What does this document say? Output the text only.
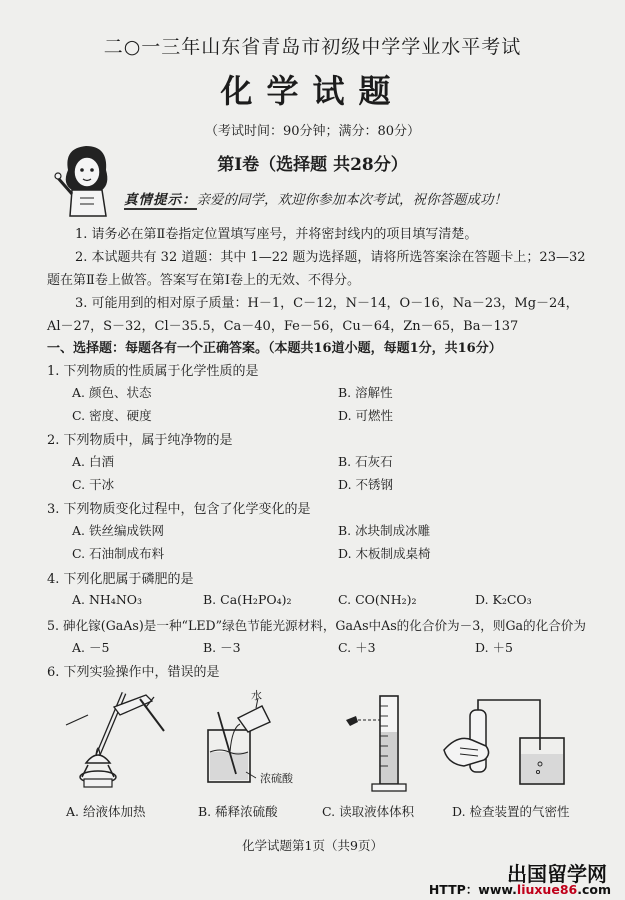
二○一三年山东省青岛市初级中学学业水平考试
化学试题
（考试时间：90分钟；满分：80分）
第Ⅰ卷（选择题 共28分）
真情提示：亲爱的同学，欢迎你参加本次考试，祝你答题成功！
1. 请务必在第Ⅱ卷指定位置填写座号，并将密封线内的项目填写清楚。
2. 本试题共有 32 道题：其中 1—22 题为选择题，请将所选答案涂在答题卡上；23—32
题在第Ⅱ卷上做答。答案写在第Ⅰ卷上的无效、不得分。
3. 可能用到的相对原子质量：H－1，C－12，N－14，O－16，Na－23，Mg－24，
Al－27，S－32，Cl－35.5，Ca－40，Fe－56，Cu－64，Zn－65，Ba－137
一、选择题：每题各有一个正确答案。（本题共16道小题，每题1分，共16分）
1. 下列物质的性质属于化学性质的是
A. 颜色、状态	B. 溶解性
C. 密度、硬度	D. 可燃性
2. 下列物质中，属于纯净物的是
A. 白酒	B. 石灰石
C. 干冰	D. 不锈钢
3. 下列物质变化过程中，包含了化学变化的是
A. 铁丝编成铁网	B. 冰块制成冰雕
C. 石油制成布料	D. 木板制成桌椅
4. 下列化肥属于磷肥的是
A. NH₄NO₃	B. Ca(H₂PO₄)₂	C. CO(NH₂)₂	D. K₂CO₃
5. 砷化镓(GaAs)是一种“LED”绿色节能光源材料，GaAs中As的化合价为－3，则Ga的化合价为
A. －5	B. －3	C. ＋3	D. ＋5
6. 下列实验操作中，错误的是
水
浓硫酸
A. 给液体加热	B. 稀释浓硫酸	C. 读取液体体积	D. 检查装置的气密性
化学试题第1页（共9页）
出国留学网
HTTP：www.liuxue86.com
